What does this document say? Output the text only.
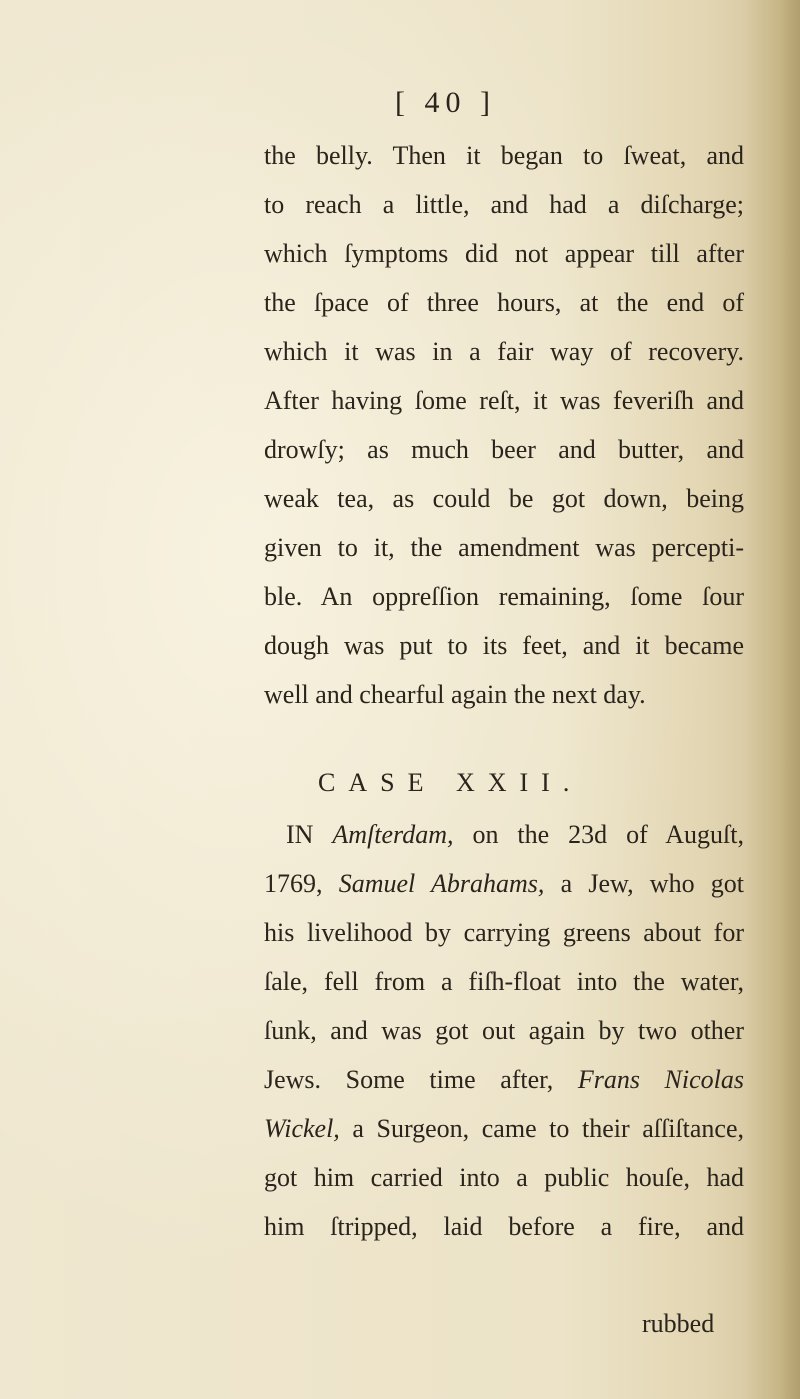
[ 40 ]
the belly. Then it began to ſweat, and
to reach a little, and had a diſcharge;
which ſymptoms did not appear till after
the ſpace of three hours, at the end of
which it was in a fair way of recovery.
After having ſome reſt, it was feveriſh and
drowſy; as much beer and butter, and
weak tea, as could be got down, being
given to it, the amendment was percepti-
ble. An oppreſſion remaining, ſome ſour
dough was put to its feet, and it became
well and chearful again the next day.
CASE XXII.
IN Amſterdam, on the 23d of Auguſt,
1769, Samuel Abrahams, a Jew, who got
his livelihood by carrying greens about for
ſale, fell from a fiſh-float into the water,
ſunk, and was got out again by two other
Jews. Some time after, Frans Nicolas
Wickel, a Surgeon, came to their aſſiſtance,
got him carried into a public houſe, had
him ſtripped, laid before a fire, and
rubbed
